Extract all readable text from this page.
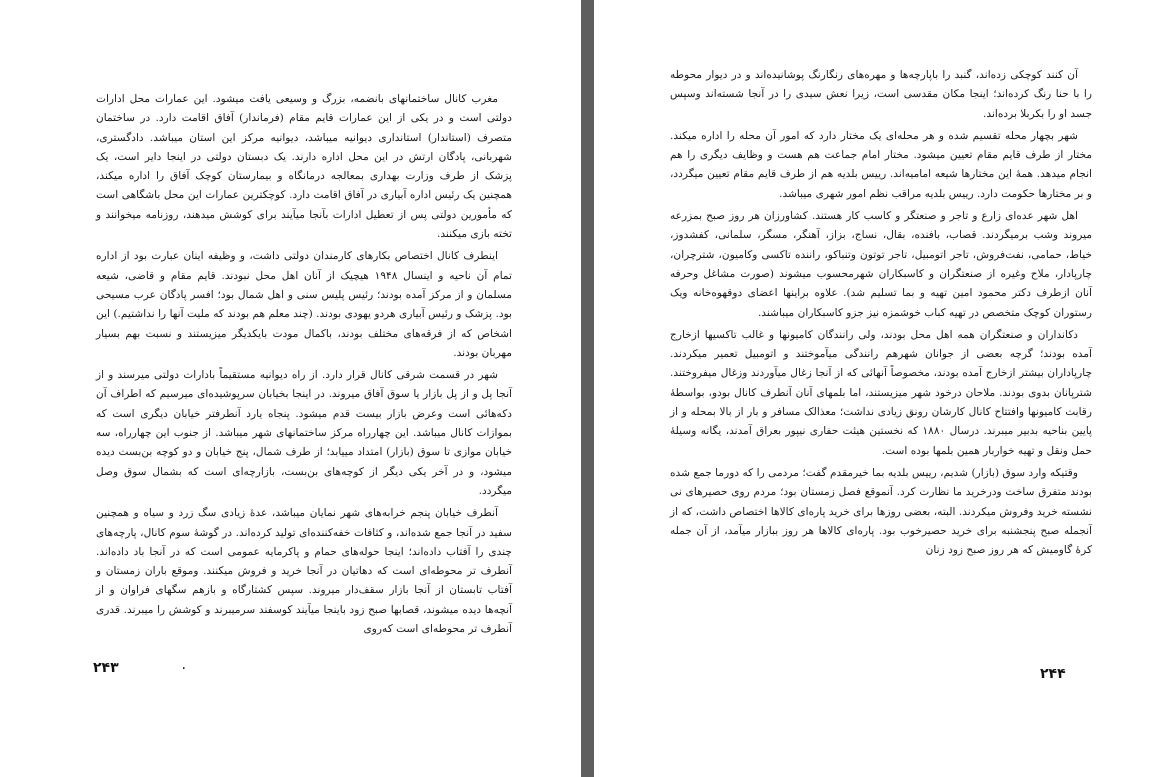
مغرب کانال ساختمانهای بانضمه، بزرگ و وسیعی یافت میشود. این عمارات محل ادارات دولتی است و در یکی از این عمارات قایم مقام (فرماندار) آفاق اقامت دارد. در ساختمان متصرف (استاندار) استانداری دیوانیه میباشد، دیوانیه مرکز این استان میباشد. دادگستری، شهربانی، پادگان ارتش در این محل اداره دارند. یک دبستان دولتی در اینجا دایر است، یک پزشک از طرف وزارت بهداری بمعالجه درمانگاه و بیمارستان کوچک آفاق را اداره میکند، همچنین یک رئیس اداره آبیاری در آفاق اقامت دارد. کوچکترین عمارات این محل باشگاهی است که مأمورین دولتی پس از تعطیل ادارات بآنجا میآیند برای کوشش میدهند، روزنامه میخوانند و تخته بازی میکنند.

اینطرف کانال اختصاص بکارهای کارمندان دولتی داشت، و وظیفه اینان عبارت بود از اداره تمام آن ناحیه و اینسال ۱۹۴۸ هیچیک از آنان اهل محل نبودند. قایم مقام و قاضی، شیعه مسلمان و از مرکز آمده بودند؛ رئیس پلیس سنی و اهل شمال بود؛ افسر پادگان عرب مسیحی بود. پزشک و رئیس آبیاری هردو یهودی بودند. (چند معلم هم بودند که ملیت آنها را نداشتیم.) این اشخاص که از فرقه‌های مختلف بودند، باکمال مودت بایکدیگر میزیستند و نسبت بهم بسیار مهربان بودند.

شهر در قسمت شرقی کانال قرار دارد. از راه دیوانیه مستقیماً بادارات دولتی میرسند و از آنجا پل و از پل بازار یا سوق آفاق میروند. در اینجا بخیابان سرپوشیده‌ای میرسیم که اطراف آن دکه‌هائی است وعرض بازار بیست قدم میشود. پنجاه یارد آنطرفتر خیابان دیگری است که بموازات کانال میباشد. این چهارراه مرکز ساختمانهای شهر میباشد. از جنوب این چهارراه، سه خیابان موازی تا سوق (بازار) امتداد مییابد؛ از طرف شمال، پنج خیابان و دو کوچه بن‌بست دیده میشود، و در آخر یکی دیگر از کوچه‌های بن‌بست، بازارچه‌ای است که بشمال سوق وصل میگردد.

آنطرف خیابان پنجم خرابه‌های شهر نمایان میباشد، عدهٔ زیادی سگ زرد و سیاه و همچنین سفید در آنجا جمع شده‌اند، و کثافات خفه‌کننده‌ای تولید کرده‌اند. در گوشهٔ سوم کانال، پارچه‌های چندی را آفتاب داده‌اند؛ اینجا حوله‌های حمام و پاکرمایه عمومی است که در آنجا باد داده‌اند. آنطرف تر محوطه‌ای است که دهاتیان در آنجا خرید و فروش میکنند. وموقع باران زمستان و آفتاب تابستان از آنجا بازار سقف‌دار میروند. سپس کشتارگاه و بازهم سگهای فراوان و از آنچه‌ها دیده میشوند، قصابها صبح زود باینجا میآیند کوسفند سرمیبرند و کوشش را میبرند. قدری آنطرف تر محوطه‌ای است که‌روی

۲۴۳	۰

آن کنند کوچکی زده‌اند، گنبد را باپارچه‌ها و مهره‌های رنگارنگ پوشانیده‌اند و در دیوار محوطه را با حنا رنگ کرده‌اند؛ اینجا مکان مقدسی است، زیرا نعش سیدی را در آنجا شسته‌اند وسپس جسد او را بکربلا برده‌اند.

شهر بچهار محله تقسیم شده و هر محله‌ای یک مختار دارد که امور آن محله را اداره میکند. مختار از طرف قایم مقام تعیین میشود. مختار امام جماعت هم هست و وظایف دیگری را هم انجام میدهد. همهٔ این مختارها شیعه امامیه‌اند. رییس بلدیه هم از طرف قایم مقام تعیین میگردد، و بر مختارها حکومت دارد. رییس بلدیه مراقب نظم امور شهری میباشد.

اهل شهر عده‌ای زارع و تاجر و صنعتگر و کاسب کار هستند. کشاورزان هر روز صبح بمزرعه میروند وشب برمیگردند. قصاب، بافنده، بقال، نساج، بزاز، آهنگر، مسگر، سلمانی، کفشدوز، خیاط، حمامی، نفت‌فروش، تاجر اتومبیل، تاجر توتون وتنباکو، راننده تاکسی وکامیون، شترچران، چارپادار، ملاح وغیره از صنعتگران و کاسبکاران شهرمحسوب میشوند (صورت مشاغل وحرفه آنان ازطرف دکتر محمود امین تهیه و بما تسلیم شد). علاوه براینها اعضای دوقهوه‌خانه ویک رستوران کوچک متخصص در تهیه کباب خوشمزه نیز جزو کاسبکاران میباشند.

دکانداران و صنعتگران همه اهل محل بودند، ولی رانندگان کامیونها و غالب تاکسیها ازخارج آمده بودند؛ گرچه بعضی از جوانان شهرهم رانندگی میآموختند و اتومبیل تعمیر میکردند. چارپاداران بیشتر ازخارج آمده بودند، مخصوصاً آنهائی که از آنجا زغال میآوردند وزغال میفروختند. شترپانان بدوی بودند. ملاحان درخود شهر میزیستند، اما بلمهای آنان آنطرف کانال بودو، بواسطهٔ رقابت کامیونها وافتتاح کانال کارشان رونق زیادی نداشت؛ معذالک مسافر و بار از بالا بمحله و از پایین بناحیه بدبیر میبرند. درسال ۱۸۸۰ که نخستین هیئت حفاری نیپور بعراق آمدند، یگانه وسیلهٔ حمل ونقل و تهیه خواربار همین بلمها بوده است.

وقتیکه وارد سوق (بازار) شدیم، رییس بلدیه بما خیرمقدم گفت؛ مردمی را که دورما جمع شده بودند متفرق ساخت ودرخرید ما نظارت کرد. آنموقع فصل زمستان بود؛ مردم روی حصیرهای نی نشسته خرید وفروش میکردند. البته، بعضی روزها برای خرید پاره‌ای کالاها اختصاص داشت، که از آنجمله صبح پنجشنبه برای خرید حصیرخوب بود. پاره‌ای کالاها هر روز ببازار میآمد، از آن جمله کرهٔ گاومیش که هر روز صبح زود زنان

۲۴۴
